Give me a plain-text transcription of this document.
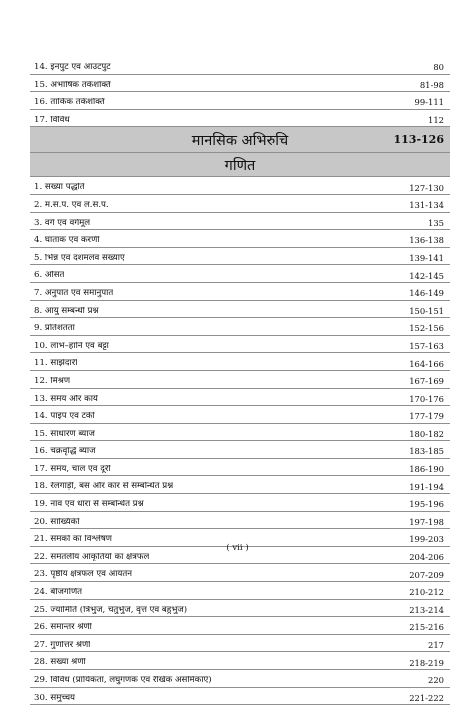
14. इनपुट एवं आउटपुट	80
15. अभाषिक तर्कशक्ति	81-98
16. तार्किक तर्कशक्ति	99-111
17. विविध	112
मानसिक अभिरुचि	113-126
गणित
1. संख्या पद्धति	127-130
2. म.स.प. एवं ल.स.प.	131-134
3. वर्ग एवं वर्गमूल	135
4. घातांक एवं करणी	136-138
5. भिन्न एवं दशमलव संख्याएँ	139-141
6. औसत	142-145
7. अनुपात एवं समानुपात	146-149
8. आयु सम्बन्धी प्रश्न	150-151
9. प्रतिशतता	152-156
10. लाभ–हानि एवं बट्टा	157-163
11. साझेदारी	164-166
12. मिश्रण	167-169
13. समय और कार्य	170-176
14. पाइप एवं टंकी	177-179
15. साधारण ब्याज	180-182
16. चक्रवृद्धि ब्याज	183-185
17. समय, चाल एवं दूरी	186-190
18. रेलगाड़ी, बस और कार से सम्बन्धित प्रश्न	191-194
19. नाव एवं धारा से सम्बन्धित प्रश्न	195-196
20. सांख्यिकी	197-198
21. समंकों का विश्लेषण	199-203
22. समतलीय आकृतियों का क्षेत्रफल	204-206
23. पृष्ठीय क्षेत्रफल एवं आयतन	207-209
24. बीजगणित	210-212
25. ज्यामिति (त्रिभुज, चतुर्भुज, वृत्त एवं बहुभुज)	213-214
26. समान्तर श्रेणी	215-216
27. गुणोत्तर श्रेणी	217
28. संख्या श्रेणी	218-219
29. विविध (प्रायिकता, लघुगणक एवं रैखिक असमिकाएँ)	220
30. समुच्चय	221-222
( vii )
